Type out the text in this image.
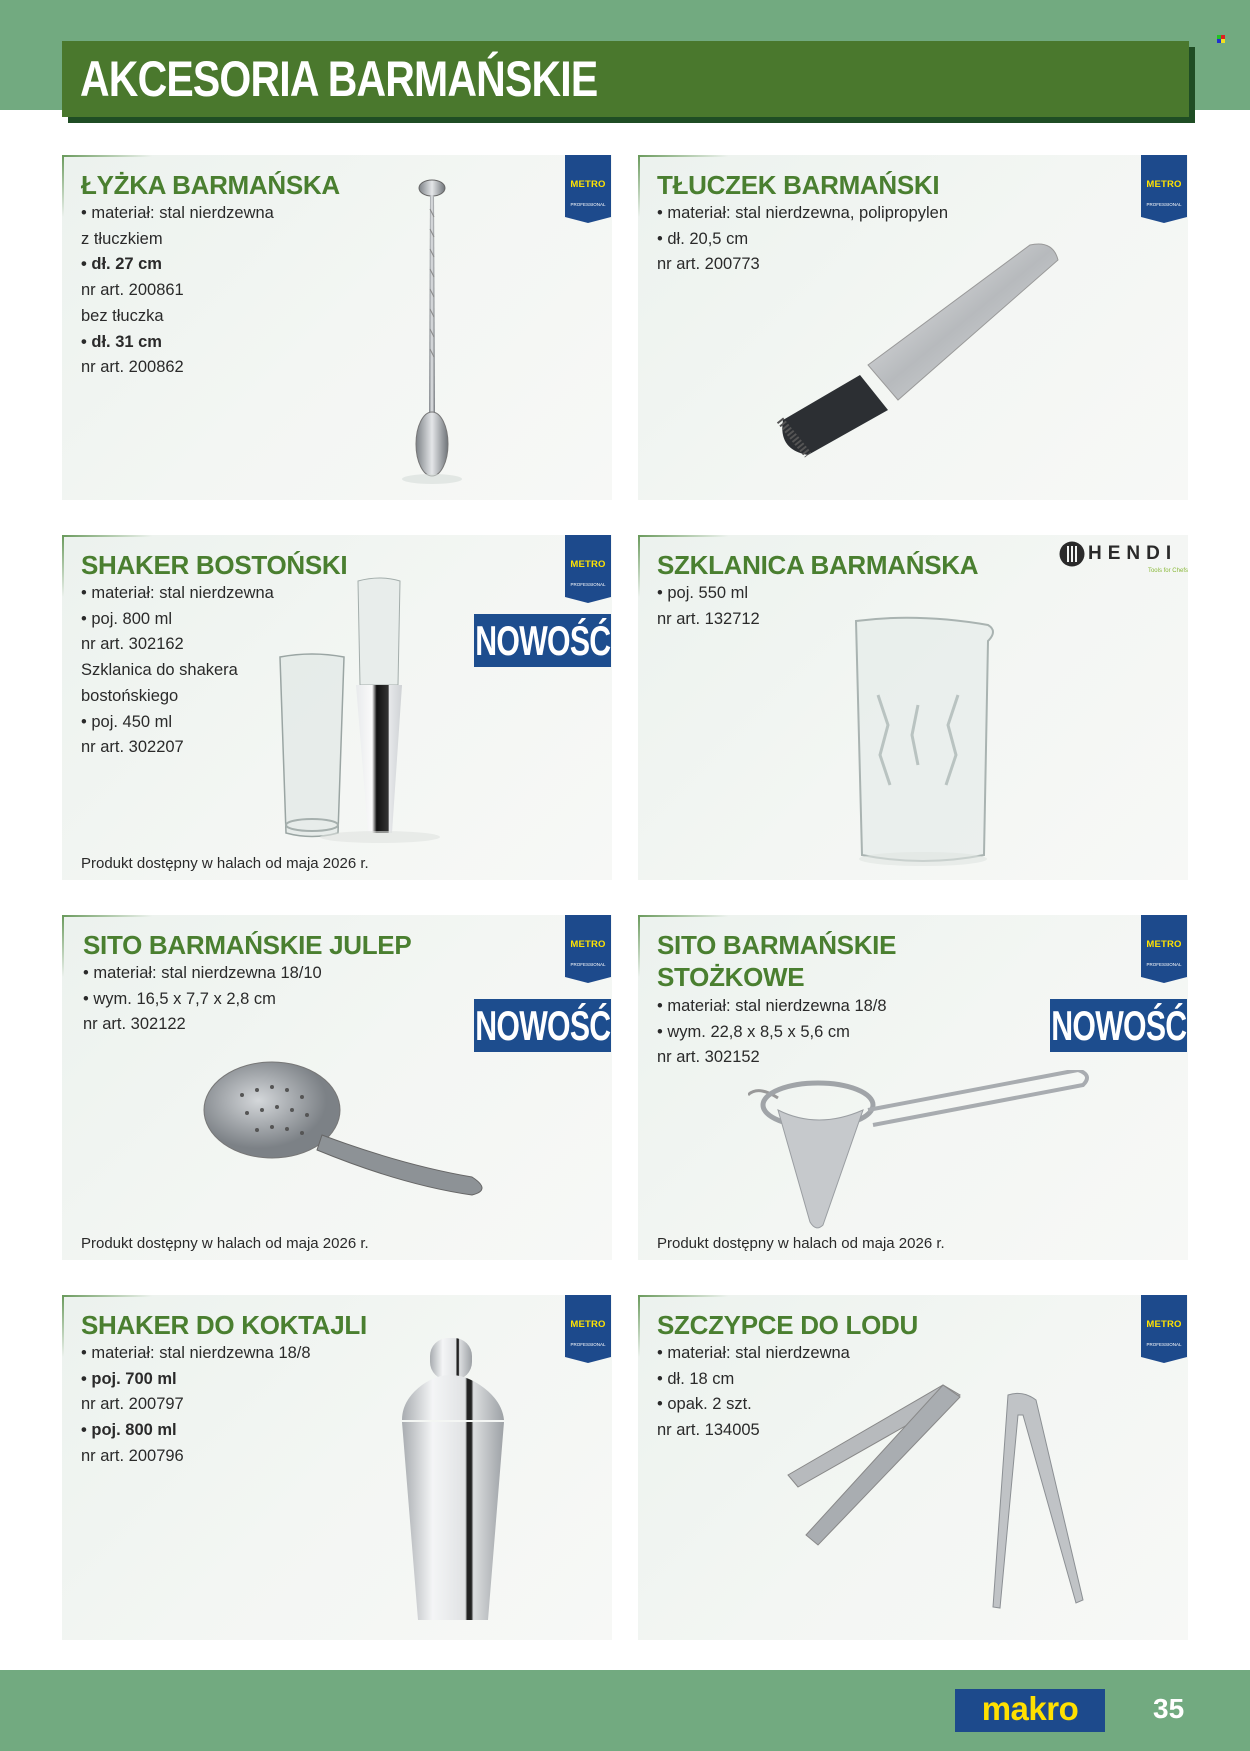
AKCESORIA BARMAŃSKIE
ŁYŻKA BARMAŃSKA
• materiał: stal nierdzewna
z tłuczkiem
• dł. 27 cm
nr art. 200861
bez tłuczka
• dł. 31 cm
nr art. 200862
METRO
PROFESSIONAL
TŁUCZEK BARMAŃSKI
• materiał: stal nierdzewna, polipropylen
• dł. 20,5 cm
nr art. 200773
METRO
PROFESSIONAL
SHAKER BOSTOŃSKI
• materiał: stal nierdzewna
• poj. 800 ml
nr art. 302162
Szklanica do shakera
bostońskiego
• poj. 450 ml
nr art. 302207
METRO
PROFESSIONAL
NOWOŚĆ
Produkt dostępny w halach od maja 2026 r.
SZKLANICA BARMAŃSKA
• poj. 550 ml
nr art. 132712
HENDI
Tools for Chefs
SITO BARMAŃSKIE JULEP
• materiał: stal nierdzewna 18/10
• wym. 16,5 x 7,7 x 2,8 cm
nr art. 302122
METRO
PROFESSIONAL
NOWOŚĆ
Produkt dostępny w halach od maja 2026 r.
SITO BARMAŃSKIE STOŻKOWE
• materiał: stal nierdzewna 18/8
• wym. 22,8 x 8,5 x 5,6 cm
nr art. 302152
METRO
PROFESSIONAL
NOWOŚĆ
Produkt dostępny w halach od maja 2026 r.
SHAKER DO KOKTAJLI
• materiał: stal nierdzewna 18/8
• poj. 700 ml
nr art. 200797
• poj. 800 ml
nr art. 200796
METRO
PROFESSIONAL
SZCZYPCE DO LODU
• materiał: stal nierdzewna
• dł. 18 cm
• opak. 2 szt.
nr art. 134005
METRO
PROFESSIONAL
makro	35
